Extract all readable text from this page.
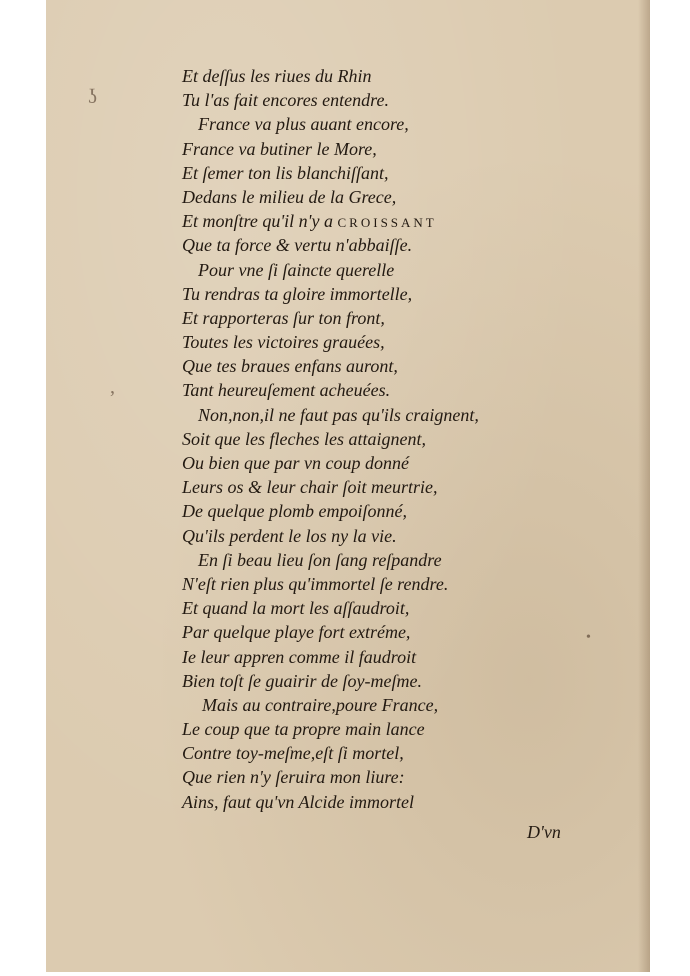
ʖ
,
•
Et deſſus les riues du Rhin
Tu l'as fait encores entendre.
France va plus auant encore,
France va butiner le More,
Et ſemer ton lis blanchiſſant,
Dedans le milieu de la Grece,
Et monſtre qu'il n'y a CROISSANT
Que ta force & vertu n'abbaiſſe.
Pour vne ſi ſaincte querelle
Tu rendras ta gloire immortelle,
Et rapporteras ſur ton front,
Toutes les victoires grauées,
Que tes braues enfans auront,
Tant heureuſement acheuées.
Non,non,il ne faut pas qu'ils craignent,
Soit que les fleches les attaignent,
Ou bien que par vn coup donné
Leurs os & leur chair ſoit meurtrie,
De quelque plomb empoiſonné,
Qu'ils perdent le los ny la vie.
En ſi beau lieu ſon ſang reſpandre
N'eſt rien plus qu'immortel ſe rendre.
Et quand la mort les aſſaudroit,
Par quelque playe fort extréme,
Ie leur appren comme il faudroit
Bien toſt ſe guairir de ſoy-meſme.
Mais au contraire,poure France,
Le coup que ta propre main lance
Contre toy-meſme,eſt ſi mortel,
Que rien n'y ſeruira mon liure:
Ains, faut qu'vn Alcide immortel
D'vn
